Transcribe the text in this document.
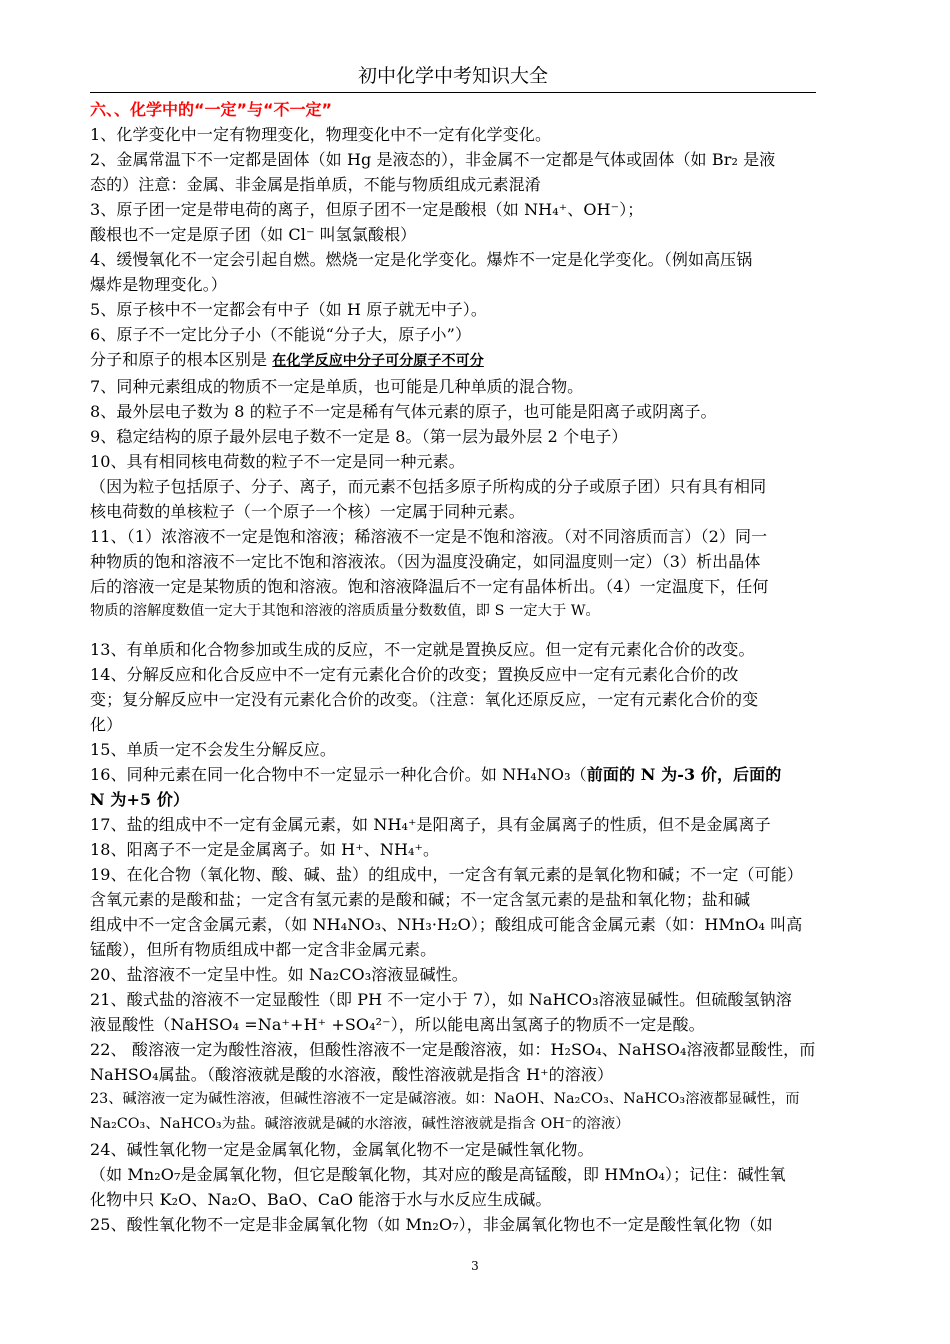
初中化学中考知识大全
六、、化学中的“一定”与“不一定”
1、化学变化中一定有物理变化，物理变化中不一定有化学变化。
2、金属常温下不一定都是固体（如 Hg 是液态的），非金属不一定都是气体或固体（如 Br₂ 是液
态的）注意：金属、非金属是指单质，不能与物质组成元素混淆
3、原子团一定是带电荷的离子，但原子团不一定是酸根（如 NH₄⁺、OH⁻）；
酸根也不一定是原子团（如 Cl⁻ 叫氢氯酸根）
4、缓慢氧化不一定会引起自燃。燃烧一定是化学变化。爆炸不一定是化学变化。（例如高压锅
爆炸是物理变化。）
5、原子核中不一定都会有中子（如 H 原子就无中子）。
6、原子不一定比分子小（不能说“分子大，原子小”）
分子和原子的根本区别是 在化学反应中分子可分原子不可分
7、同种元素组成的物质不一定是单质，也可能是几种单质的混合物。
8、最外层电子数为 8 的粒子不一定是稀有气体元素的原子，也可能是阳离子或阴离子。
9、稳定结构的原子最外层电子数不一定是 8。（第一层为最外层 2 个电子）
10、具有相同核电荷数的粒子不一定是同一种元素。
（因为粒子包括原子、分子、离子，而元素不包括多原子所构成的分子或原子团）只有具有相同
核电荷数的单核粒子（一个原子一个核）一定属于同种元素。
11、（1）浓溶液不一定是饱和溶液；稀溶液不一定是不饱和溶液。（对不同溶质而言）（2）同一
种物质的饱和溶液不一定比不饱和溶液浓。（因为温度没确定，如同温度则一定）（3）析出晶体
后的溶液一定是某物质的饱和溶液。饱和溶液降温后不一定有晶体析出。（4）一定温度下，任何
物质的溶解度数值一定大于其饱和溶液的溶质质量分数数值，即 S 一定大于 W。
13、有单质和化合物参加或生成的反应，不一定就是置换反应。但一定有元素化合价的改变。
14、分解反应和化合反应中不一定有元素化合价的改变；置换反应中一定有元素化合价的改
变；复分解反应中一定没有元素化合价的改变。（注意：氧化还原反应，一定有元素化合价的变
化）
15、单质一定不会发生分解反应。
16、同种元素在同一化合物中不一定显示一种化合价。如 NH₄NO₃（前面的 N 为-3 价，后面的
N 为+5 价）
17、盐的组成中不一定有金属元素，如 NH₄⁺是阳离子，具有金属离子的性质，但不是金属离子
18、阳离子不一定是金属离子。如 H⁺、NH₄⁺。
19、在化合物（氧化物、酸、碱、盐）的组成中，一定含有氧元素的是氧化物和碱；不一定（可能）
含氧元素的是酸和盐；一定含有氢元素的是酸和碱；不一定含氢元素的是盐和氧化物；盐和碱
组成中不一定含金属元素，（如 NH₄NO₃、NH₃·H₂O）；酸组成可能含金属元素（如：HMnO₄ 叫高
锰酸），但所有物质组成中都一定含非金属元素。
20、盐溶液不一定呈中性。如 Na₂CO₃溶液显碱性。
21、酸式盐的溶液不一定显酸性（即 PH 不一定小于 7），如 NaHCO₃溶液显碱性。但硫酸氢钠溶
液显酸性（NaHSO₄ =Na⁺+H⁺ +SO₄²⁻），所以能电离出氢离子的物质不一定是酸。
22、 酸溶液一定为酸性溶液，但酸性溶液不一定是酸溶液，如：H₂SO₄、NaHSO₄溶液都显酸性，而
NaHSO₄属盐。（酸溶液就是酸的水溶液，酸性溶液就是指含 H⁺的溶液）
23、碱溶液一定为碱性溶液，但碱性溶液不一定是碱溶液。如：NaOH、Na₂CO₃、NaHCO₃溶液都显碱性，而
Na₂CO₃、NaHCO₃为盐。碱溶液就是碱的水溶液，碱性溶液就是指含 OH⁻的溶液）
24、碱性氧化物一定是金属氧化物，金属氧化物不一定是碱性氧化物。
（如 Mn₂O₇是金属氧化物，但它是酸氧化物，其对应的酸是高锰酸，即 HMnO₄）；记住：碱性氧
化物中只 K₂O、Na₂O、BaO、CaO 能溶于水与水反应生成碱。
25、酸性氧化物不一定是非金属氧化物（如 Mn₂O₇），非金属氧化物也不一定是酸性氧化物（如
3
